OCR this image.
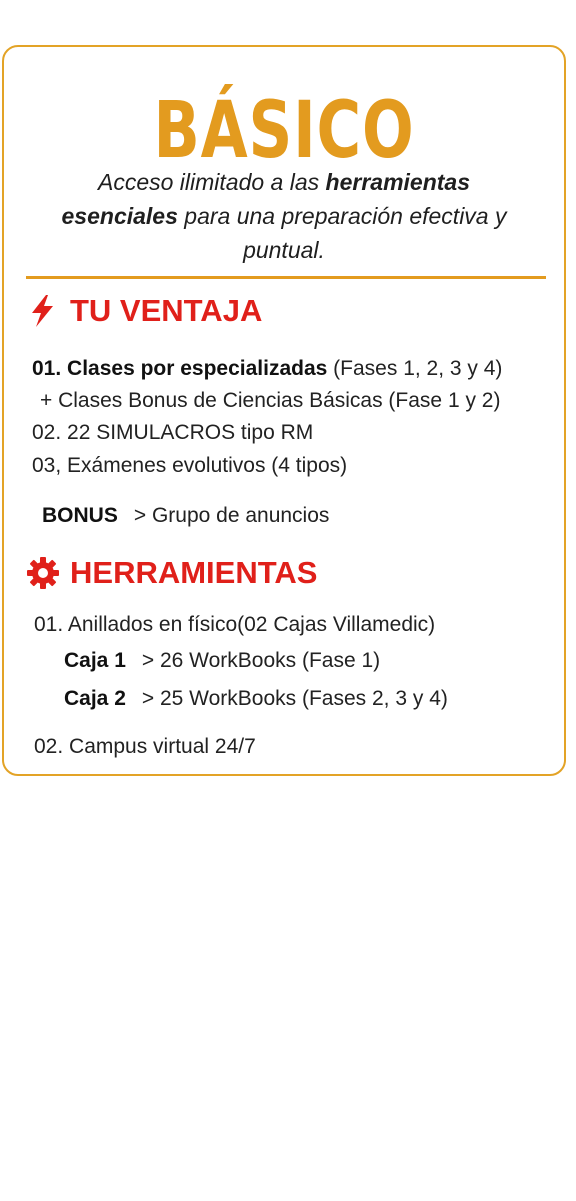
BÁSICO
Acceso ilimitado a las herramientas esenciales para una preparación efectiva y puntual.
TU VENTAJA
01. Clases por especializadas (Fases 1, 2, 3 y 4)
+ Clases Bonus de Ciencias Básicas (Fase 1 y 2)
02. 22 SIMULACROS tipo RM
03, Exámenes evolutivos (4 tipos)
BONUS > Grupo de anuncios
HERRAMIENTAS
01. Anillados en físico(02 Cajas Villamedic)
Caja 1 > 26 WorkBooks (Fase 1)
Caja 2 > 25 WorkBooks (Fases 2, 3 y 4)
02. Campus virtual 24/7
